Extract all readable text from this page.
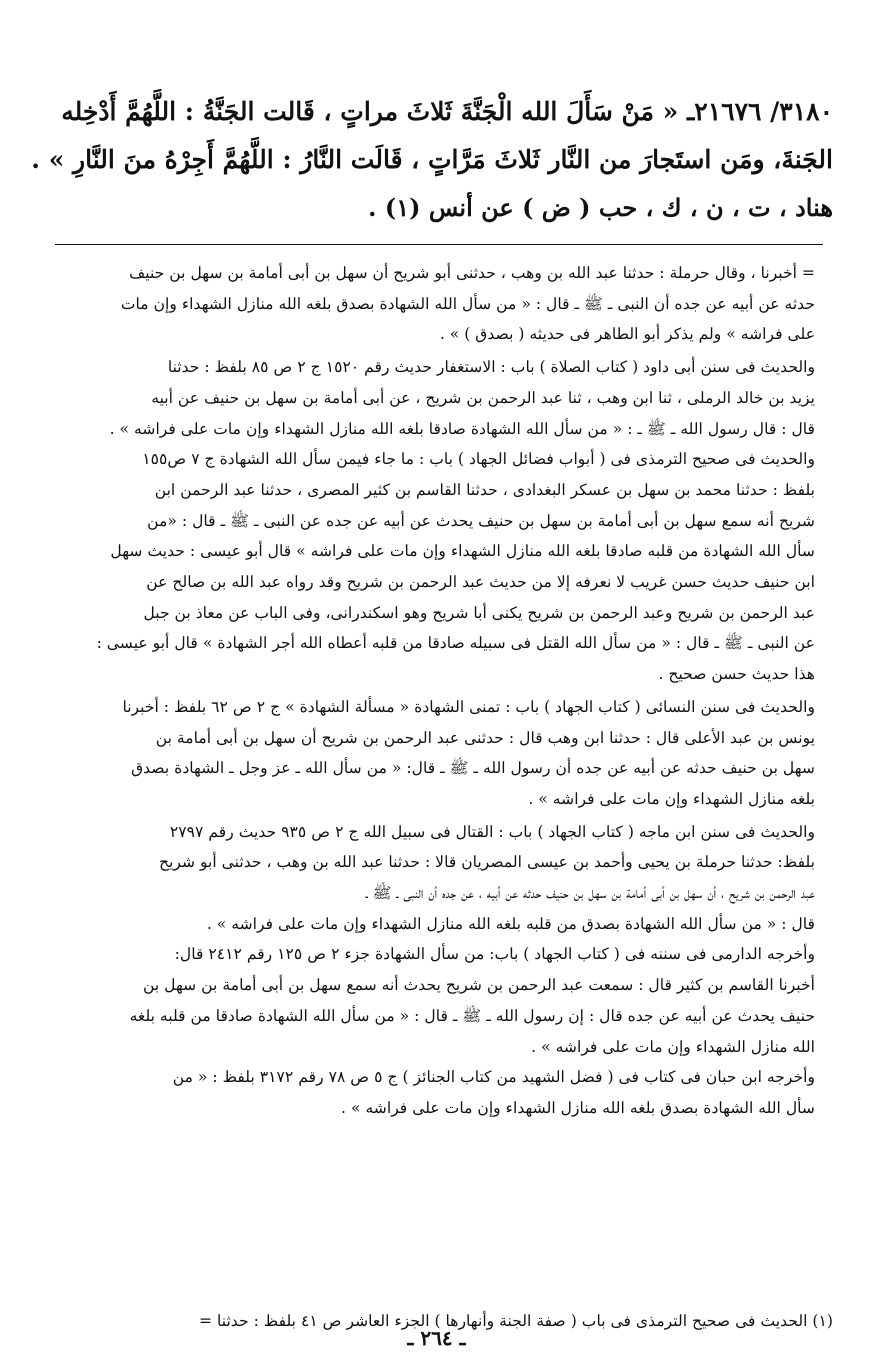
٣١٨٠/ ٢١٦٧٦ـ « مَنْ سَأَلَ الله الْجَنَّةَ ثَلاثَ مراتٍ ، قَالت الجَنَّةُ : اللَّهُمَّ أَدْخِله
الجَنةَ، ومَن استَجارَ من النَّار ثَلاثَ مَرَّاتٍ ، قَالَت النَّارُ : اللَّهُمَّ أَجِرْهُ منَ النَّارِ » .
هناد ، ت ، ن ، ك ، حب ( ض ) عن أنس (١) .
= أخبرنا ، وقال حرملة : حدثنا عبد الله بن وهب ، حدثنى أبو شريح أن سهل بن أبى أمامة بن سهل بن حنيف
حدثه عن أبيه عن جده أن النبى ـ ﷺ ـ قال : « من سأل الله الشهادة بصدق بلغه الله منازل الشهداء وإن مات
على فراشه » ولم يذكر أبو الطاهر فى حديثه ( بصدق ) » .
والحديث فى سنن أبى داود ( كتاب الصلاة ) باب : الاستغفار حديث رقم ١٥٢٠ ج ٢ ص ٨٥ بلفظ : حدثنا
يزيد بن خالد الرملى ، ثنا ابن وهب ، ثنا عبد الرحمن بن شريح ، عن أبى أمامة بن سهل بن حنيف عن أبيه
قال : قال رسول الله ـ ﷺ ـ : « من سأل الله الشهادة صادقا بلغه الله منازل الشهداء وإن مات على فراشه » .
والحديث فى صحيح الترمذى فى ( أبواب فضائل الجهاد ) باب : ما جاء فيمن سأل الله الشهادة ج ٧ ص١٥٥
بلفظ : حدثنا محمد بن سهل بن عسكر البغدادى ، حدثنا القاسم بن كثير المصرى ، حدثنا عبد الرحمن ابن
شريح أنه سمع سهل بن أبى أمامة بن سهل بن حنيف يحدث عن أبيه عن جده عن النبى ـ ﷺ ـ قال : «من
سأل الله الشهادة من قلبه صادقا بلغه الله منازل الشهداء وإن مات على فراشه » قال أبو عيسى : حديث سهل
ابن حنيف حديث حسن غريب لا نعرفه إلا من حديث عبد الرحمن بن شريح وقد رواه عبد الله بن صالح عن
عبد الرحمن بن شريح وعبد الرحمن بن شريح يكنى أبا شريح وهو اسكندرانى، وفى الباب عن معاذ بن جبل
عن النبى ـ ﷺ ـ قال : « من سأل الله القتل فى سبيله صادقا من قلبه أعطاه الله أجر الشهادة » قال أبو عيسى :
هذا حديث حسن صحيح .
والحديث فى سنن النسائى ( كتاب الجهاد ) باب : تمنى الشهادة « مسألة الشهادة » ج ٢ ص ٦٢ بلفظ : أخبرنا
يونس بن عبد الأعلى قال : حدثنا ابن وهب قال : حدثنى عبد الرحمن بن شريح أن سهل بن أبى أمامة بن
سهل بن حنيف حدثه عن أبيه عن جده أن رسول الله ـ ﷺ ـ قال: « من سأل الله ـ عز وجل ـ الشهادة بصدق
بلغه منازل الشهداء وإن مات على فراشه » .
والحديث فى سنن ابن ماجه ( كتاب الجهاد ) باب : القتال فى سبيل الله ج ٢ ص ٩٣٥ حديث رقم ٢٧٩٧
بلفظ: حدثنا حرملة بن يحيى وأحمد بن عيسى المصريان قالا : حدثنا عبد الله بن وهب ، حدثنى أبو شريح
عبد الرحمن بن شريح ، أن سهل بن أبى أمامة بن سهل بن حنيف حدثه عن أبيه ، عن جده أن النبى ـ ﷺ ـ
قال : « من سأل الله الشهادة بصدق من قلبه بلغه الله منازل الشهداء وإن مات على فراشه » .
وأخرجه الدارمى فى سننه فى ( كتاب الجهاد ) باب: من سأل الشهادة جزء ٢ ص ١٢٥ رقم ٢٤١٢ قال:
أخبرنا القاسم بن كثير قال : سمعت عبد الرحمن بن شريح يحدث أنه سمع سهل بن أبى أمامة بن سهل بن
حنيف يحدث عن أبيه عن جده قال : إن رسول الله ـ ﷺ ـ قال : « من سأل الله الشهادة صادقا من قلبه بلغه
الله منازل الشهداء وإن مات على فراشه » .
وأخرجه ابن حبان فى كتاب فى ( فضل الشهيد من كتاب الجنائز ) ج ٥ ص ٧٨ رقم ٣١٧٢ بلفظ : « من
سأل الله الشهادة بصدق بلغه الله منازل الشهداء وإن مات على فراشه » .
(١) الحديث فى صحيح الترمذى فى باب ( صفة الجنة وأنهارها ) الجزء العاشر ص ٤١ بلفظ : حدثنا =
ـ ٢٦٤ ـ
